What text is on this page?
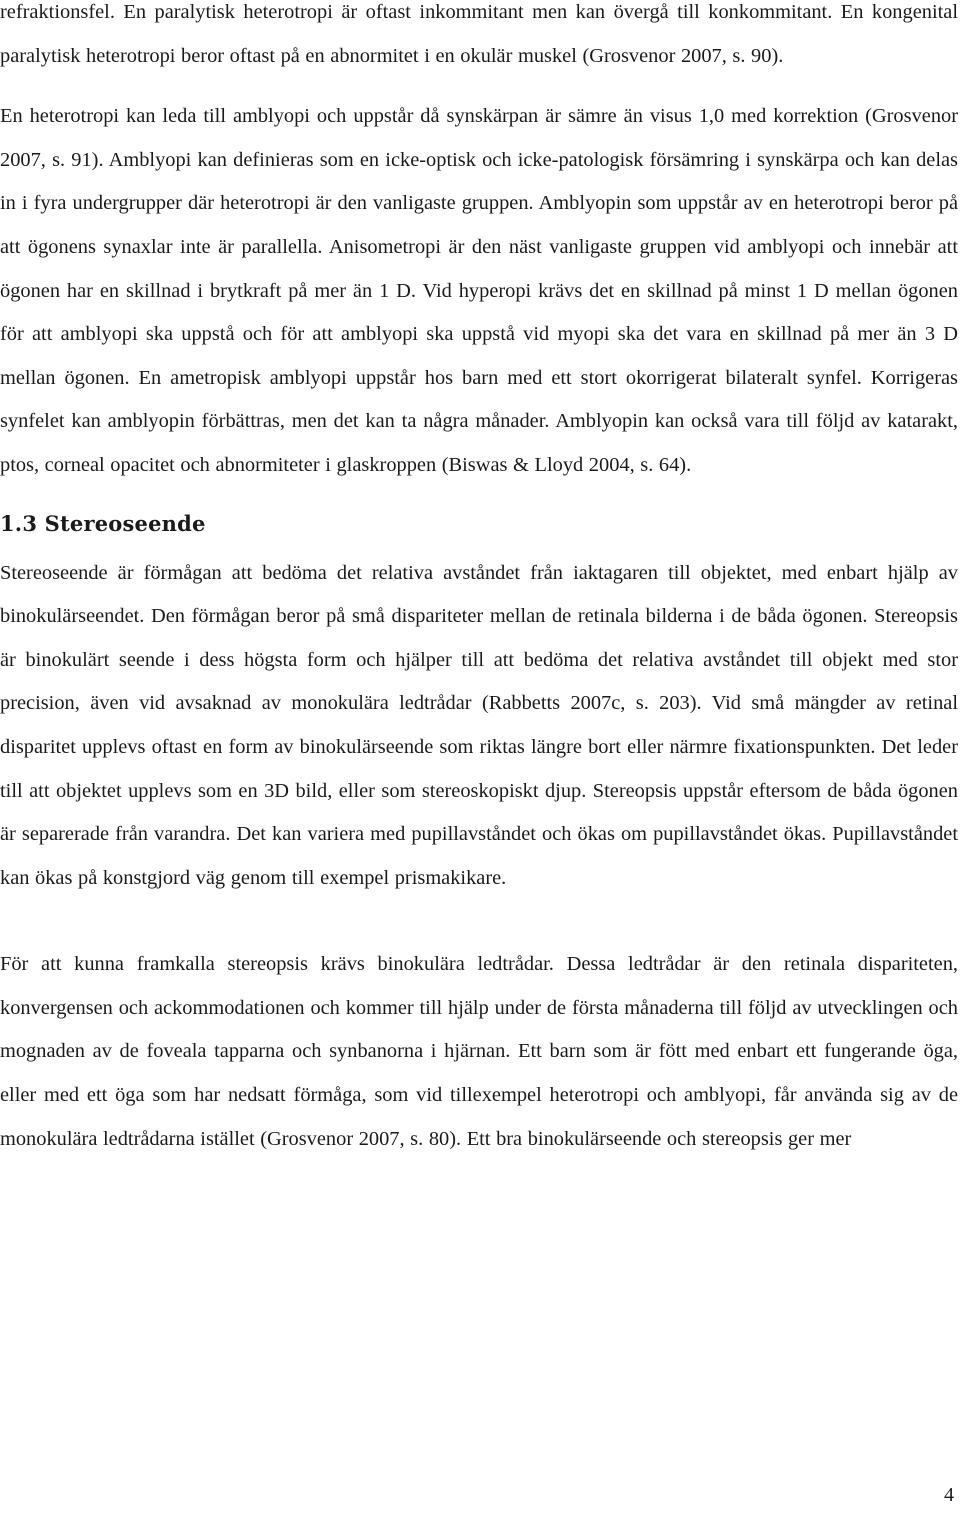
refraktionsfel. En paralytisk heterotropi är oftast inkommitant men kan övergå till konkommitant. En kongenital paralytisk heterotropi beror oftast på en abnormitet i en okulär muskel (Grosvenor 2007, s. 90).

En heterotropi kan leda till amblyopi och uppstår då synskärpan är sämre än visus 1,0 med korrektion (Grosvenor 2007, s. 91). Amblyopi kan definieras som en icke-optisk och icke-patologisk försämring i synskärpa och kan delas in i fyra undergrupper där heterotropi är den vanligaste gruppen. Amblyopin som uppstår av en heterotropi beror på att ögonens synaxlar inte är parallella. Anisometropi är den näst vanligaste gruppen vid amblyopi och innebär att ögonen har en skillnad i brytkraft på mer än 1 D. Vid hyperopi krävs det en skillnad på minst 1 D mellan ögonen för att amblyopi ska uppstå och för att amblyopi ska uppstå vid myopi ska det vara en skillnad på mer än 3 D mellan ögonen. En ametropisk amblyopi uppstår hos barn med ett stort okorrigerat bilateralt synfel. Korrigeras synfelet kan amblyopin förbättras, men det kan ta några månader. Amblyopin kan också vara till följd av katarakt, ptos, corneal opacitet och abnormiteter i glaskroppen (Biswas & Lloyd 2004, s. 64).

1.3 Stereoseende

Stereoseende är förmågan att bedöma det relativa avståndet från iaktagaren till objektet, med enbart hjälp av binokulärseendet. Den förmågan beror på små dispariteter mellan de retinala bilderna i de båda ögonen. Stereopsis är binokulärt seende i dess högsta form och hjälper till att bedöma det relativa avståndet till objekt med stor precision, även vid avsaknad av monokulära ledtrådar (Rabbetts 2007c, s. 203). Vid små mängder av retinal disparitet upplevs oftast en form av binokulärseende som riktas längre bort eller närmre fixationspunkten. Det leder till att objektet upplevs som en 3D bild, eller som stereoskopiskt djup. Stereopsis uppstår eftersom de båda ögonen är separerade från varandra. Det kan variera med pupillavståndet och ökas om pupillavståndet ökas. Pupillavståndet kan ökas på konstgjord väg genom till exempel prismakikare.

För att kunna framkalla stereopsis krävs binokulära ledtrådar. Dessa ledtrådar är den retinala dispariteten, konvergensen och ackommodationen och kommer till hjälp under de första månaderna till följd av utvecklingen och mognaden av de foveala tapparna och synbanorna i hjärnan. Ett barn som är fött med enbart ett fungerande öga, eller med ett öga som har nedsatt förmåga, som vid tillexempel heterotropi och amblyopi, får använda sig av de monokulära ledtrådarna istället (Grosvenor 2007, s. 80). Ett bra binokulärseende och stereopsis ger mer

4
